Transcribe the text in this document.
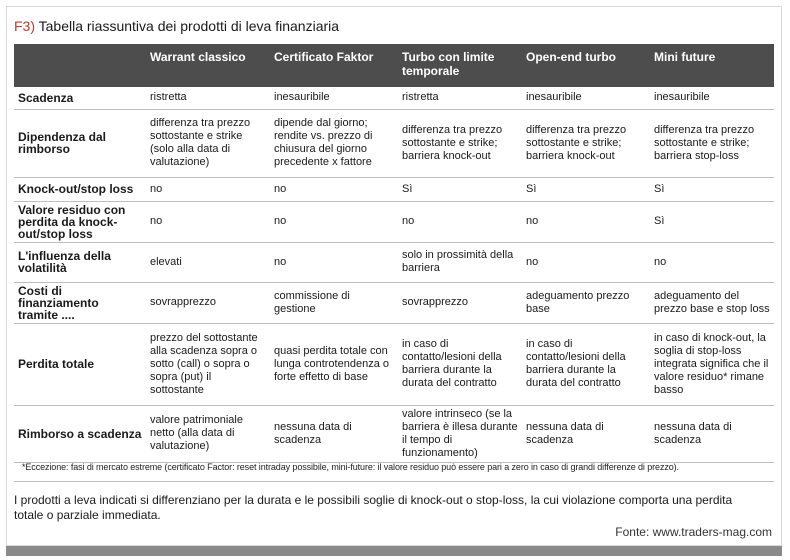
F3) Tabella riassuntiva dei prodotti di leva finanziaria
	Warrant classico	Certificato Faktor	Turbo con limite temporale	Open-end turbo	Mini future
Scadenza	ristretta	inesauribile	ristretta	inesauribile	inesauribile
Dipendenza dal rimborso	differenza tra prezzo sottostante e strike (solo alla data di valutazione)	dipende dal giorno; rendite vs. prezzo di chiusura del giorno precedente x fattore	differenza tra prezzo sottostante e strike; barriera knock-out	differenza tra prezzo sottostante e strike; barriera knock-out	differenza tra prezzo sottostante e strike; barriera stop-loss
Knock-out/stop loss	no	no	Sì	Sì	Sì
Valore residuo con perdita da knock-out/stop loss	no	no	no	no	Sì
L'influenza della volatilità	elevati	no	solo in prossimità della barriera	no	no
Costi di finanziamento tramite ....	sovrapprezzo	commissione di gestione	sovrapprezzo	adeguamento prezzo base	adeguamento del prezzo base e stop loss
Perdita totale	prezzo del sottostante alla scadenza sopra o sotto (call) o sopra o sopra (put) il sottostante	quasi perdita totale con lunga controtendenza o forte effetto di base	in caso di contatto/lesioni della barriera durante la durata del contratto	in caso di contatto/lesioni della barriera durante la durata del contratto	in caso di knock-out, la soglia di stop-loss integrata significa che il valore residuo* rimane basso
Rimborso a scadenza	valore patrimoniale netto (alla data di valutazione)	nessuna data di scadenza	valore intrinseco (se la barriera è illesa durante il tempo di funzionamento)	nessuna data di scadenza	nessuna data di scadenza
*Eccezione: fasi di mercato estreme (certificato Factor: reset intraday possibile, mini-future: il valore residuo può essere pari a zero in caso di grandi differenze di prezzo).
I prodotti a leva indicati si differenziano per la durata e le possibili soglie di knock-out o stop-loss, la cui violazione comporta una perdita totale o parziale immediata.
Fonte: www.traders-mag.com
